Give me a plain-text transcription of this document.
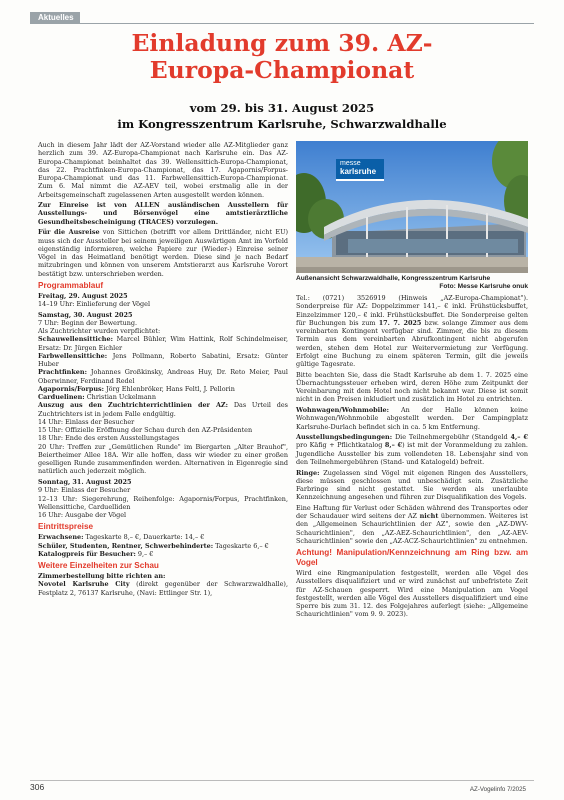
Aktuelles
Einladung zum 39. AZ-
Europa-Championat
vom 29. bis 31. August 2025
im Kongresszentrum Karlsruhe, Schwarzwaldhalle

Auch in diesem Jahr lädt der AZ-Vorstand wieder alle AZ-Mitglieder ganz herzlich zum 39. AZ-Europa-Championat nach Karlsruhe ein. Das AZ-Europa-Championat beinhaltet das 39. Wellensittich-Europa-Championat, das 22. Prachtfinken-Europa-Championat, das 17. Agapornis/Forpus-Europa-Championat und das 11. Farbwellensittich-Europa-Championat. Zum 6. Mal nimmt die AZ-AEV teil, wobei erstmalig alle in der Arbeitsgemeinschaft zugelassenen Arten ausgestellt werden können.

Zur Einreise ist von ALLEN ausländischen Ausstellern für Ausstellungs- und Börsenvögel eine amtstierärztliche Gesundheitsbescheinigung (TRACES) vorzulegen.

Für die Ausreise von Sittichen (betrifft vor allem Drittländer, nicht EU) muss sich der Aussteller bei seinem jeweiligen Auswärtigen Amt im Vorfeld eigenständig informieren, welche Papiere zur (Wieder-) Einreise seiner Vögel in das Heimatland benötigt werden. Diese sind je nach Bedarf mitzubringen und können von unserem Amtstierarzt aus Karlsruhe Vorort bestätigt bzw. unterschrieben werden.

Programmablauf

Freitag, 29. August 2025

14–19 Uhr: Einlieferung der Vögel

Samstag, 30. August 2025

7 Uhr: Beginn der Bewertung.

Als Zuchtrichter wurden verpflichtet:

Schauwellensittiche: Marcel Bühler, Wim Hattink, Rolf Schindelmeiser, Ersatz: Dr. Jürgen Eichler

Farbwellensittiche: Jens Pollmann, Roberto Sabatini, Ersatz: Günter Huber

Prachtfinken: Johannes Großkinsky, Andreas Huy, Dr. Reto Meier, Paul Oberwinner, Ferdinand Redel

Agapornis/Forpus: Jörg Ehlenbröker, Hans Feltl, J. Pellorin

Carduelinen: Christian Uckelmann

Auszug aus den Zuchtrichterrichtlinien der AZ: Das Urteil des Zuchtrichters ist in jedem Falle endgültig.

14 Uhr: Einlass der Besucher

15 Uhr: Offizielle Eröffnung der Schau durch den AZ-Präsidenten

18 Uhr: Ende des ersten Ausstellungstages

20 Uhr: Treffen zur „Gemütlichen Runde" im Biergarten „Alter Brauhof", Beiertheimer Allee 18A. Wir alle hoffen, dass wir wieder zu einer großen geselligen Runde zusammenfinden werden. Alternativen in Eigenregie sind natürlich auch jederzeit möglich.

Sonntag, 31. August 2025

9 Uhr: Einlass der Besucher

12–13 Uhr: Siegerehrung, Reihenfolge: Agapornis/Forpus, Prachtfinken, Wellensittiche, Carduelliden

16 Uhr: Ausgabe der Vögel

Eintrittspreise

Erwachsene: Tageskarte 8,– €, Dauerkarte: 14,– €

Schüler, Studenten, Rentner, Schwerbehinderte: Tageskarte 6,– €

Katalogpreis für Besucher: 9,– €

Weitere Einzelheiten zur Schau

Zimmerbestellung bitte richten an:

Novotel Karlsruhe City (direkt gegenüber der Schwarzwaldhalle), Festplatz 2, 76137 Karlsruhe, (Navi: Ettlinger Str. 1),

messe
karlsruhe
Außenansicht Schwarzwaldhalle, Kongresszentrum Karlsruhe
Foto: Messe Karlsruhe onuk

Tel.: (0721) 3526919 (Hinweis „AZ-Europa-Championat"). Sonderpreise für AZ: Doppelzimmer 141,– € inkl. Frühstücksbuffet, Einzelzimmer 120,– € inkl. Frühstücksbuffet. Die Sonderpreise gelten für Buchungen bis zum 17. 7. 2025 bzw. solange Zimmer aus dem vereinbarten Kontingent verfügbar sind. Zimmer, die bis zu diesem Termin aus dem vereinbarten Abrufkontingent nicht abgerufen werden, stehen dem Hotel zur Weitervermietung zur Verfügung. Erfolgt eine Buchung zu einem späteren Termin, gilt die jeweils gültige Tagesrate.

Bitte beachten Sie, dass die Stadt Karlsruhe ab dem 1. 7. 2025 eine Übernachtungssteuer erheben wird, deren Höhe zum Zeitpunkt der Vereinbarung mit dem Hotel noch nicht bekannt war. Diese ist somit nicht in den Preisen inkludiert und zusätzlich im Hotel zu entrichten.

Wohnwagen/Wohnmobile: An der Halle können keine Wohnwagen/Wohnmobile abgestellt werden. Der Campingplatz Karlsruhe-Durlach befindet sich in ca. 5 km Entfernung.

Ausstellungsbedingungen: Die Teilnehmergebühr (Standgeld 4,– € pro Käfig + Pflichtkatalog 8,– €) ist mit der Voranmeldung zu zahlen. Jugendliche Aussteller bis zum vollendeten 18. Lebensjahr sind von den Teilnehmergebühren (Stand- und Katalogeld) befreit.

Ringe: Zugelassen sind Vögel mit eigenen Ringen des Ausstellers, diese müssen geschlossen und unbeschädigt sein. Zusätzliche Farbringe sind nicht gestattet. Sie werden als unerlaubte Kennzeichnung angesehen und führen zur Disqualifikation des Vogels.

Eine Haftung für Verlust oder Schäden während des Transportes oder der Schaudauer wird seitens der AZ nicht übernommen. Weiteres ist den „Allgemeinen Schaurichtlinien der AZ", sowie den „AZ-DWV-Schaurichtlinien", den „AZ-AEZ-Schaurichtlinien", den „AZ-AEV-Schaurichtlinien" sowie den „AZ-ACZ-Schaurichtlinien" zu entnehmen.

Achtung! Manipulation/Kennzeichnung am Ring bzw. am Vogel

Wird eine Ringmanipulation festgestellt, werden alle Vögel des Ausstellers disqualifiziert und er wird zunächst auf unbefristete Zeit für AZ-Schauen gesperrt. Wird eine Manipulation am Vogel festgestellt, werden alle Vögel des Ausstellers disqualifiziert und eine Sperre bis zum 31. 12. des Folgejahres auferlegt (siehe: „Allgemeine Schaurichtlinien" vom 9. 9. 2023).

306	AZ-Vogelinfo 7/2025
